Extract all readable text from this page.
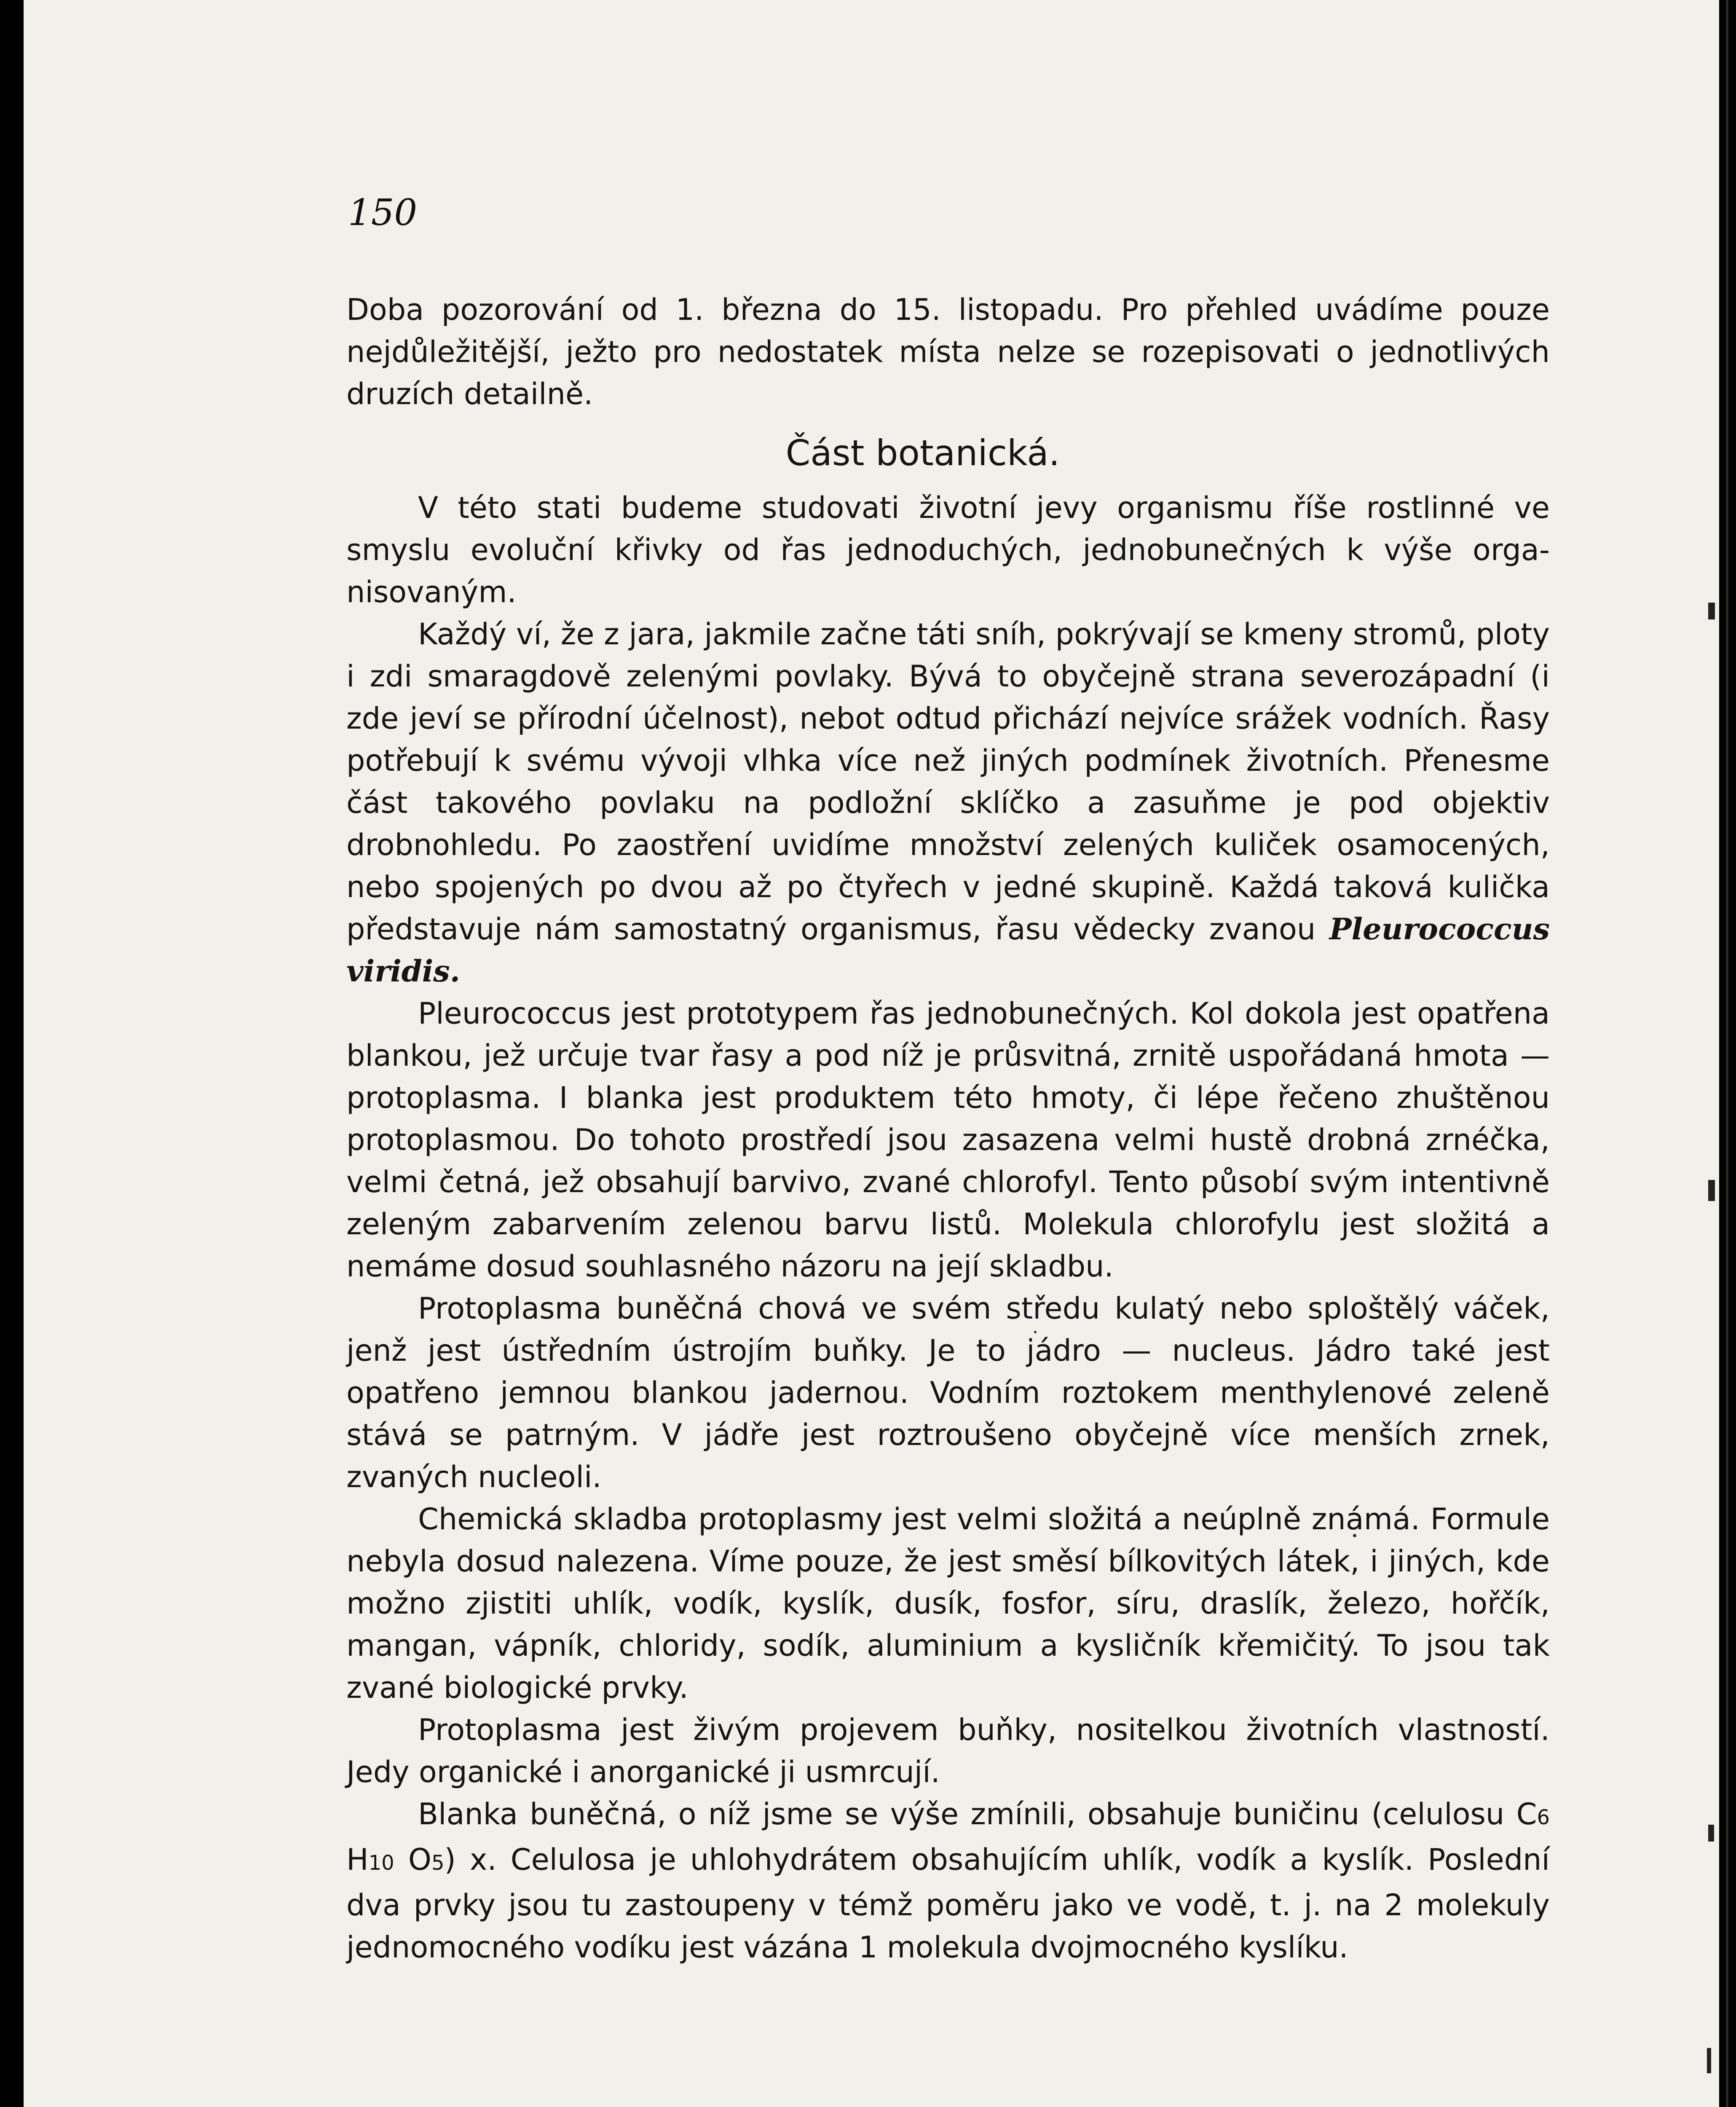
150

Doba pozorování od 1. března do 15. listopadu. Pro přehled uvádíme pouze nejdůležitější, ježto pro nedostatek místa nelze se rozepisovati o jednotlivých druzích detailně.

Část botanická.

V této stati budeme studovati životní jevy organismu říše rostlinné ve smyslu evoluční křivky od řas jednoduchých, jednobunečných k výše organisovaným.

Každý ví, že z jara, jakmile začne táti sníh, pokrývají se kmeny stromů, ploty i zdi smaragdově zelenými povlaky. Bývá to obyčejně strana severozápadní (i zde jeví se přírodní účelnost), nebot odtud přichází nejvíce srážek vodních. Řasy potřebují k svému vývoji vlhka více než jiných podmínek životních. Přenesme část takového povlaku na podložní sklíčko a zasuňme je pod objektiv drobnohledu. Po zaostření uvidíme množství zelených kuliček osamocených, nebo spojených po dvou až po čtyřech v jedné skupině. Každá taková kulička představuje nám samostatný organismus, řasu vědecky zvanou Pleurococcus viridis.

Pleurococcus jest prototypem řas jednobunečných. Kol dokola jest opatřena blankou, jež určuje tvar řasy a pod níž je průsvitná, zrnitě uspořádaná hmota — protoplasma. I blanka jest produktem této hmoty, či lépe řečeno zhuštěnou protoplasmou. Do tohoto prostředí jsou zasazena velmi hustě drobná zrnéčka, velmi četná, jež obsahují barvivo, zvané chlorofyl. Tento působí svým intentivně zeleným zabarvením zelenou barvu listů. Molekula chlorofylu jest složitá a nemáme dosud souhlasného názoru na její skladbu.

Protoplasma buněčná chová ve svém středu kulatý nebo sploštělý váček, jenž jest ústředním ústrojím buňky. Je to jádro — nucleus. Jádro také jest opatřeno jemnou blankou jadernou. Vodním roztokem menthylenové zeleně stává se patrným. V jádře jest roztroušeno obyčejně více menších zrnek, zvaných nucleoli.

Chemická skladba protoplasmy jest velmi složitá a neúplně známá. Formule nebyla dosud nalezena. Víme pouze, že jest směsí bílkovitých látek, i jiných, kde možno zjistiti uhlík, vodík, kyslík, dusík, fosfor, síru, draslík, železo, hořčík, mangan, vápník, chloridy, sodík, aluminium a kysličník křemičitý. To jsou tak zvané biologické prvky.

Protoplasma jest živým projevem buňky, nositelkou životních vlastností. Jedy organické i anorganické ji usmrcují.

Blanka buněčná, o níž jsme se výše zmínili, obsahuje buničinu (celulosu C6 H10 O5) x. Celulosa je uhlohydrátem obsahujícím uhlík, vodík a kyslík. Poslední dva prvky jsou tu zastoupeny v témž poměru jako ve vodě, t. j. na 2 molekuly jednomocného vodíku jest vázána 1 molekula dvojmocného kyslíku.
